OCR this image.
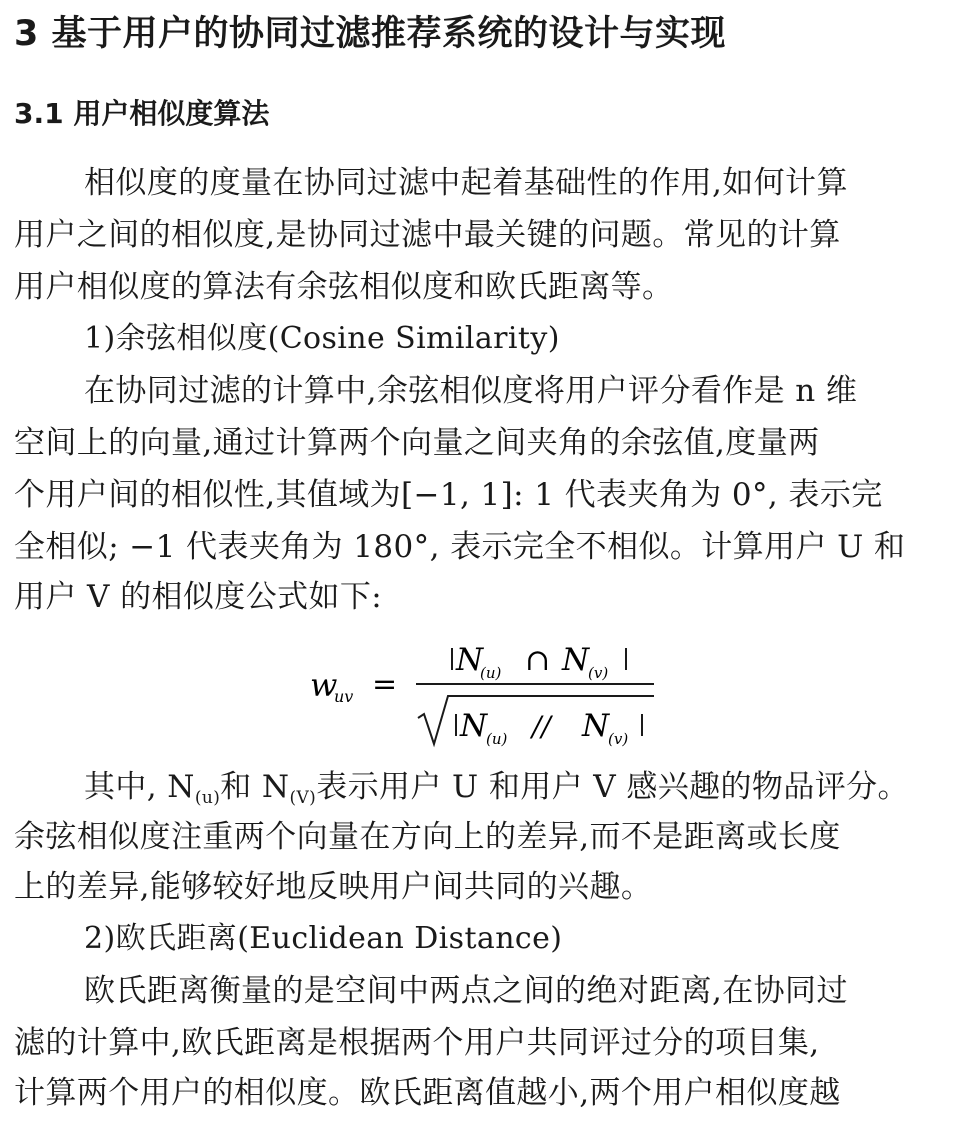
3 基于用户的协同过滤推荐系统的设计与实现
3.1 用户相似度算法
相似度的度量在协同过滤中起着基础性的作用,如何计算
用户之间的相似度,是协同过滤中最关键的问题。常见的计算
用户相似度的算法有余弦相似度和欧氏距离等。
1)余弦相似度(Cosine Similarity)
在协同过滤的计算中,余弦相似度将用户评分看作是 n 维
空间上的向量,通过计算两个向量之间夹角的余弦值,度量两
个用户间的相似性,其值域为[−1, 1]: 1 代表夹角为 0°, 表示完
全相似; −1 代表夹角为 180°, 表示完全不相似。计算用户 U 和
用户 V 的相似度公式如下:
w
uv =
N
(u) ∩ N
(v)
N
(u) // N
(v)
其中, $N_{(u)}$和 $N_{(V)}$表示用户 U 和用户 V 感兴趣的物品评分。
余弦相似度注重两个向量在方向上的差异,而不是距离或长度
上的差异,能够较好地反映用户间共同的兴趣。
2)欧氏距离(Euclidean Distance)
欧氏距离衡量的是空间中两点之间的绝对距离,在协同过
滤的计算中,欧氏距离是根据两个用户共同评过分的项目集,
计算两个用户的相似度。欧氏距离值越小,两个用户相似度越
